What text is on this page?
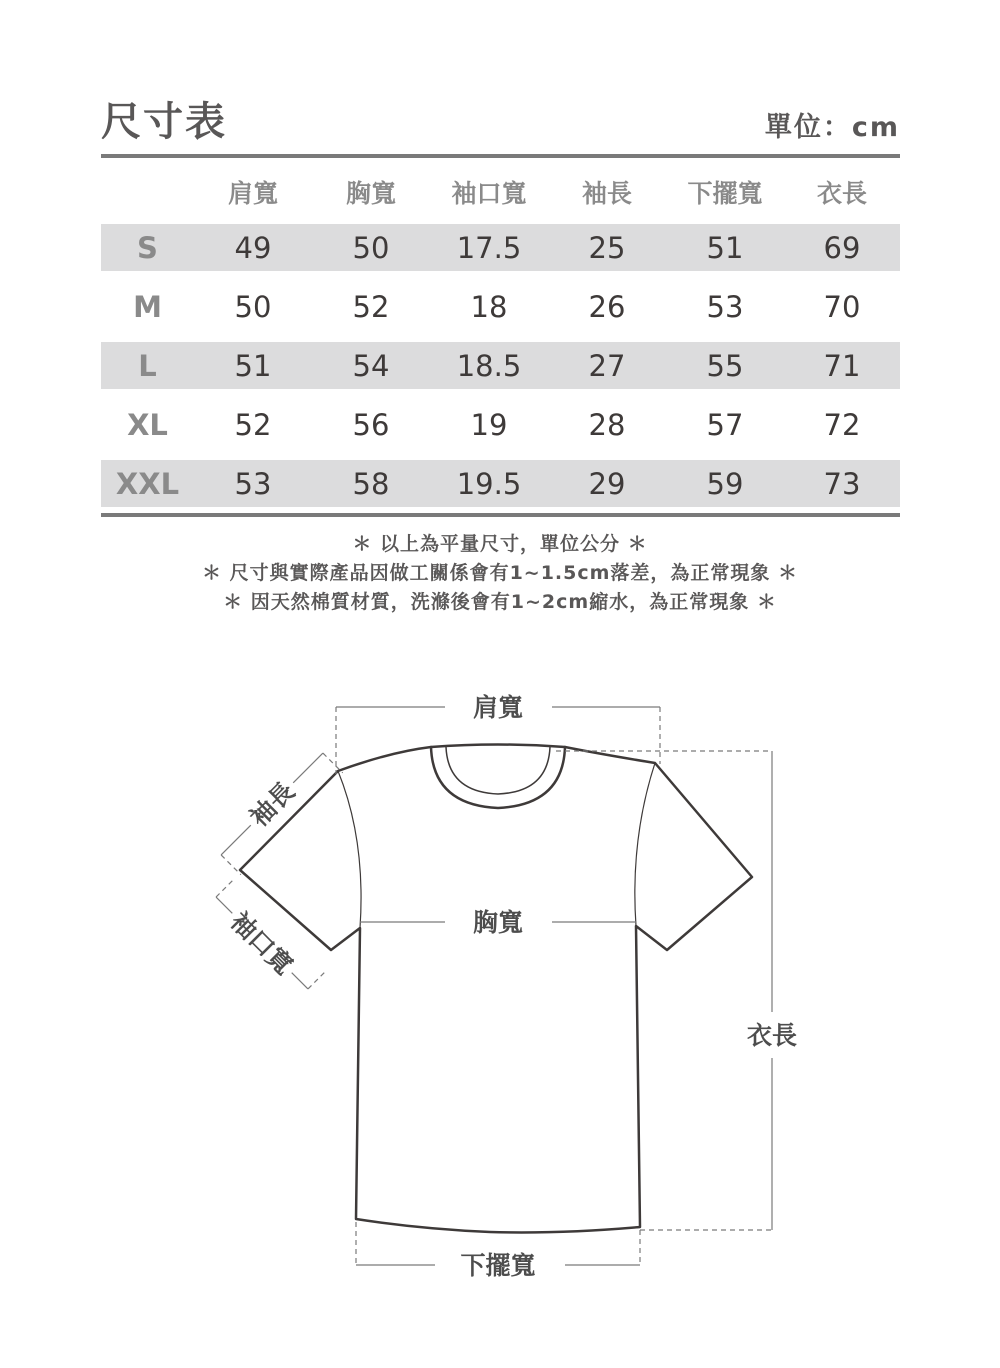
尺寸表	單位：cm
	肩寬	胸寬	袖口寬	袖長	下擺寬	衣長
S	49	50	17.5	25	51	69
M	50	52	18	26	53	70
L	51	54	18.5	27	55	71
XL	52	56	19	28	57	72
XXL	53	58	19.5	29	59	73
＊ 以上為平量尺寸，單位公分 ＊
＊ 尺寸與實際產品因做工關係會有1~1.5cm落差，為正常現象 ＊
＊ 因天然棉質材質，洗滌後會有1~2cm縮水，為正常現象 ＊
肩寬
胸寬
衣長
下擺寬
袖長
袖口寬
